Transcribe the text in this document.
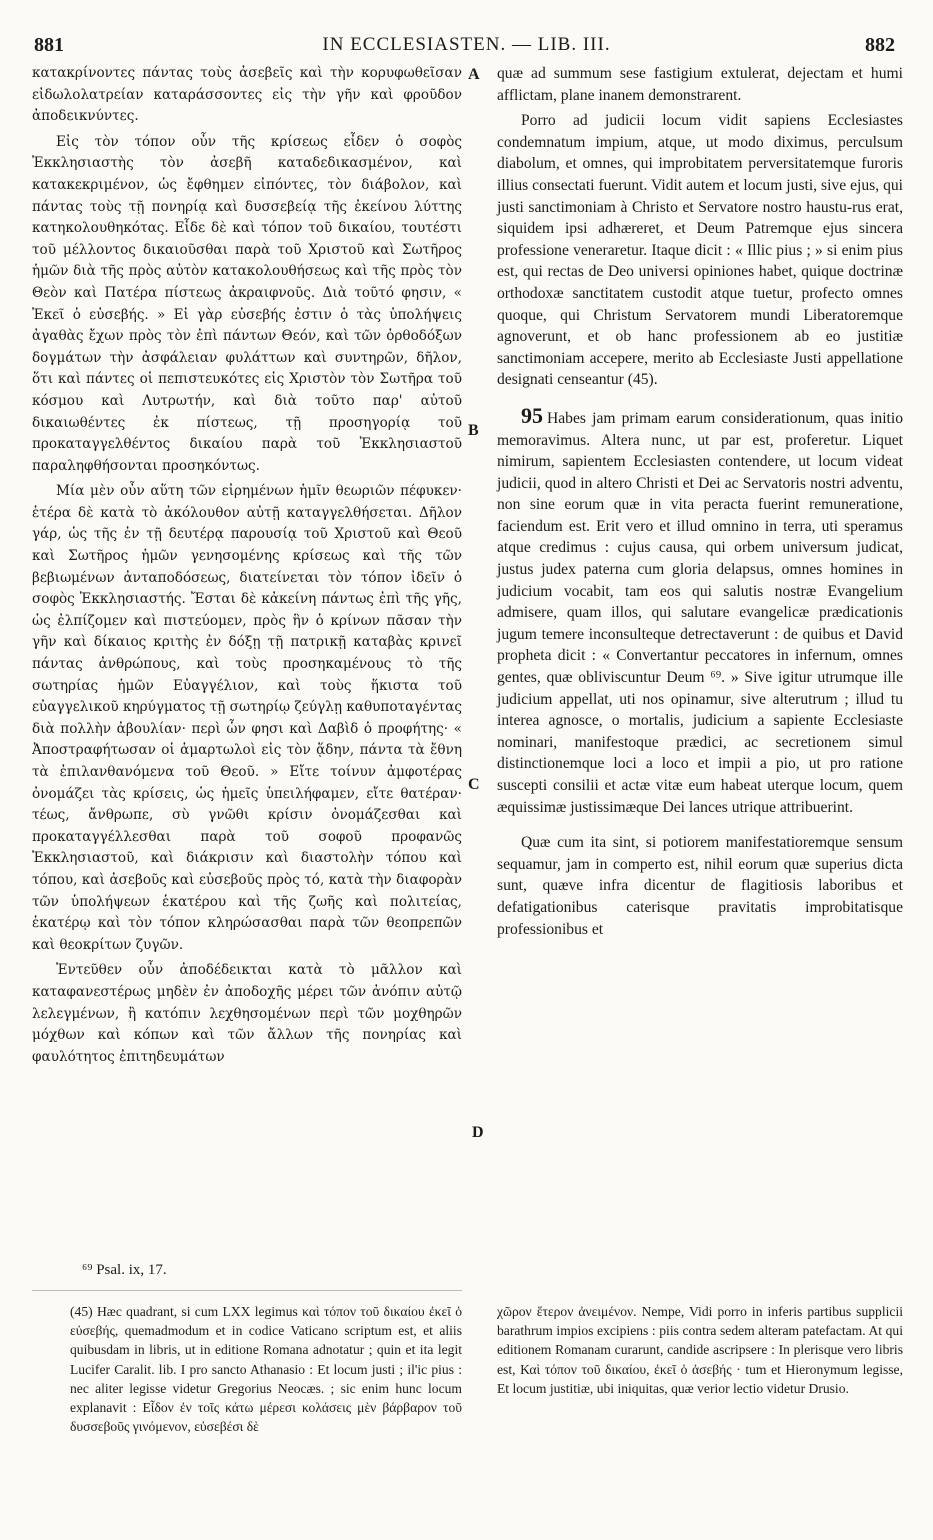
881	IN ECCLESIASTEN. — LIB. III.	882

κατακρίνοντες πάντας τοὺς ἀσεβεῖς καὶ τὴν κορυφωθεῖσαν εἰδωλολατρείαν καταράσσοντες εἰς τὴν γῆν καὶ φροῦδον ἀποδεικνύντες.

Εἰς τὸν τόπον οὖν τῆς κρίσεως εἶδεν ὁ σοφὸς Ἐκκλησιαστὴς τὸν ἀσεβῆ καταδεδικασμένον, καὶ κατακεκριμένον, ὡς ἔφθημεν εἰπόντες, τὸν διάβολον, καὶ πάντας τοὺς τῇ πονηρίᾳ καὶ δυσσεβείᾳ τῆς ἐκείνου λύττης κατηκολουθηκότας. Εἶδε δὲ καὶ τόπον τοῦ δικαίου, τουτέστι τοῦ μέλλοντος δικαιοῦσθαι παρὰ τοῦ Χριστοῦ καὶ Σωτῆρος ἡμῶν διὰ τῆς πρὸς αὐτὸν κατακολουθήσεως καὶ τῆς πρὸς τὸν Θεὸν καὶ Πατέρα πίστεως ἀκραιφνοῦς. Διὰ τοῦτό φησιν, « Ἐκεῖ ὁ εὐσεβής. » Εἰ γὰρ εὐσεβής ἐστιν ὁ τὰς ὑπολήψεις ἀγαθὰς ἔχων πρὸς τὸν ἐπὶ πάντων Θεόν, καὶ τῶν ὀρθοδόξων δογμάτων τὴν ἀσφάλειαν φυλάττων καὶ συντηρῶν, δῆλον, ὅτι καὶ πάντες οἱ πεπιστευκότες εἰς Χριστὸν τὸν Σωτῆρα τοῦ κόσμου καὶ Λυτρωτήν, καὶ διὰ τοῦτο παρ' αὐτοῦ δικαιωθέντες ἐκ πίστεως, τῇ προσηγορίᾳ τοῦ προκαταγγελθέντος δικαίου παρὰ τοῦ Ἐκκλησιαστοῦ παραληφθήσονται προσηκόντως.

Μία μὲν οὖν αὕτη τῶν εἰρημένων ἡμῖν θεωριῶν πέφυκεν· ἑτέρα δὲ κατὰ τὸ ἀκόλουθον αὐτῇ καταγγελθήσεται. Δῆλον γάρ, ὡς τῆς ἐν τῇ δευτέρᾳ παρουσίᾳ τοῦ Χριστοῦ καὶ Θεοῦ καὶ Σωτῆρος ἡμῶν γενησομένης κρίσεως καὶ τῆς τῶν βεβιωμένων ἀνταποδόσεως, διατείνεται τὸν τόπον ἰδεῖν ὁ σοφὸς Ἐκκλησιαστής. Ἔσται δὲ κἀκείνη πάντως ἐπὶ τῆς γῆς, ὡς ἐλπίζομεν καὶ πιστεύομεν, πρὸς ἣν ὁ κρίνων πᾶσαν τὴν γῆν καὶ δίκαιος κριτὴς ἐν δόξῃ τῇ πατρικῇ καταβὰς κρινεῖ πάντας ἀνθρώπους, καὶ τοὺς προσηκαμένους τὸ τῆς σωτηρίας ἡμῶν Εὐαγγέλιον, καὶ τοὺς ἥκιστα τοῦ εὐαγγελικοῦ κηρύγματος τῇ σωτηρίῳ ζεύγλῃ καθυποταγέντας διὰ πολλὴν ἀβουλίαν· περὶ ὧν φησι καὶ Δαβὶδ ὁ προφήτης· « Ἀποστραφήτωσαν οἱ ἁμαρτωλοὶ εἰς τὸν ᾅδην, πάντα τὰ ἔθνη τὰ ἐπιλανθανόμενα τοῦ Θεοῦ. » Εἴτε τοίνυν ἀμφοτέρας ὀνομάζει τὰς κρίσεις, ὡς ἡμεῖς ὑπειλήφαμεν, εἴτε θατέραν· τέως, ἄνθρωπε, σὺ γνῶθι κρίσιν ὀνομάζεσθαι καὶ προκαταγγέλλεσθαι παρὰ τοῦ σοφοῦ προφανῶς Ἐκκλησιαστοῦ, καὶ διάκρισιν καὶ διαστολὴν τόπου καὶ τόπου, καὶ ἀσεβοῦς καὶ εὐσεβοῦς πρὸς τό, κατὰ τὴν διαφορὰν τῶν ὑπολήψεων ἑκατέρου καὶ τῆς ζωῆς καὶ πολιτείας, ἑκατέρῳ καὶ τὸν τόπον κληρώσασθαι παρὰ τῶν θεοπρεπῶν καὶ θεοκρίτων ζυγῶν.

Ἐντεῦθεν οὖν ἀποδέδεικται κατὰ τὸ μᾶλλον καὶ καταφανεστέρως μηδὲν ἐν ἀποδοχῆς μέρει τῶν ἀνόπιν αὐτῷ λελεγμένων, ἢ κατόπιν λεχθησομένων περὶ τῶν μοχθηρῶν μόχθων καὶ κόπων καὶ τῶν ἄλλων τῆς πονηρίας καὶ φαυλότητος ἐπιτηδευμάτων

quæ ad summum sese fastigium extulerat, dejectam et humi afflictam, plane inanem demonstrarent.

Porro ad judicii locum vidit sapiens Ecclesiastes condemnatum impium, atque, ut modo diximus, perculsum diabolum, et omnes, qui improbitatem perversitatemque furoris illius consectati fuerunt. Vidit autem et locum justi, sive ejus, qui justi sanctimoniam à Christo et Servatore nostro haustu-rus erat, siquidem ipsi adhæreret, et Deum Patremque ejus sincera professione veneraretur. Itaque dicit : « Illic pius ; » si enim pius est, qui rectas de Deo universi opiniones habet, quique doctrinæ orthodoxæ sanctitatem custodit atque tuetur, profecto omnes quoque, qui Christum Servatorem mundi Liberatoremque agnoverunt, et ob hanc professionem ab eo justitiæ sanctimoniam accepere, merito ab Ecclesiaste Justi appellatione designati censeantur (45).

95 Habes jam primam earum considerationum, quas initio memoravimus. Altera nunc, ut par est, proferetur. Liquet nimirum, sapientem Ecclesiasten contendere, ut locum videat judicii, quod in altero Christi et Dei ac Servatoris nostri adventu, non sine eorum quæ in vita peracta fuerint remuneratione, faciendum est. Erit vero et illud omnino in terra, uti speramus atque credimus : cujus causa, qui orbem universum judicat, justus judex paterna cum gloria delapsus, omnes homines in judicium vocabit, tam eos qui salutis nostræ Evangelium admisere, quam illos, qui salutare evangelicæ prædicationis jugum temere inconsulteque detrectaverunt : de quibus et David propheta dicit : « Convertantur peccatores in infernum, omnes gentes, quæ obliviscuntur Deum ⁶⁹. » Sive igitur utrumque ille judicium appellat, uti nos opinamur, sive alterutrum ; illud tu interea agnosce, o mortalis, judicium a sapiente Ecclesiaste nominari, manifestoque prædici, ac secretionem simul distinctionemque loci a loco et impii a pio, ut pro rationе suscepti consilii et actæ vitæ eum habeat uterque locum, quem æquissimæ justissimæque Dei lances utrique attribuerint.

Quæ cum ita sint, si potiorem manifestatioremque sensum sequamur, jam in comperto est, nihil eorum quæ superius dicta sunt, quæve infra dicentur de flagitiosis laboribus et defatigationibus caterisque pravitatis improbitatisque professionibus et

A
B
C
D
⁶⁹ Psal. ix, 17.
(45) Hæc quadrant, si cum LXX legimus καὶ τόπον τοῦ δικαίου ἐκεῖ ὁ εὐσεβής, quemadmodum et in codice Vaticano scriptum est, et aliis quibusdam in libris, ut in editione Romana adnotatur ; quin et ita legit Lucifer Caralit. lib. I pro sancto Athanasio : Et locum justi ; il'ic pius : nec aliter legisse videtur Gregorius Neocæs. ; sic enim hunc locum explanavit : Εἶδον ἐν τοῖς κάτω μέρεσι κολάσεις μὲν βάρβαρον τοῦ δυσσεβοῦς γινόμενον, εὐσεβέσι δὲ
χῶρον ἕτερον ἀνειμένον. Nempe, Vidi porro in inferis partibus supplicii barathrum impios excipiens : piis contra sedem alteram patefactam. At qui editionem Romanam curarunt, candide ascripsere : In plerisque vero libris est, Καὶ τόπον τοῦ δικαίου, ἐκεῖ ὁ ἀσεβής · tum et Hieronymum legisse, Et locum justitiæ, ubi iniquitas, quæ verior lectio videtur Drusio.
